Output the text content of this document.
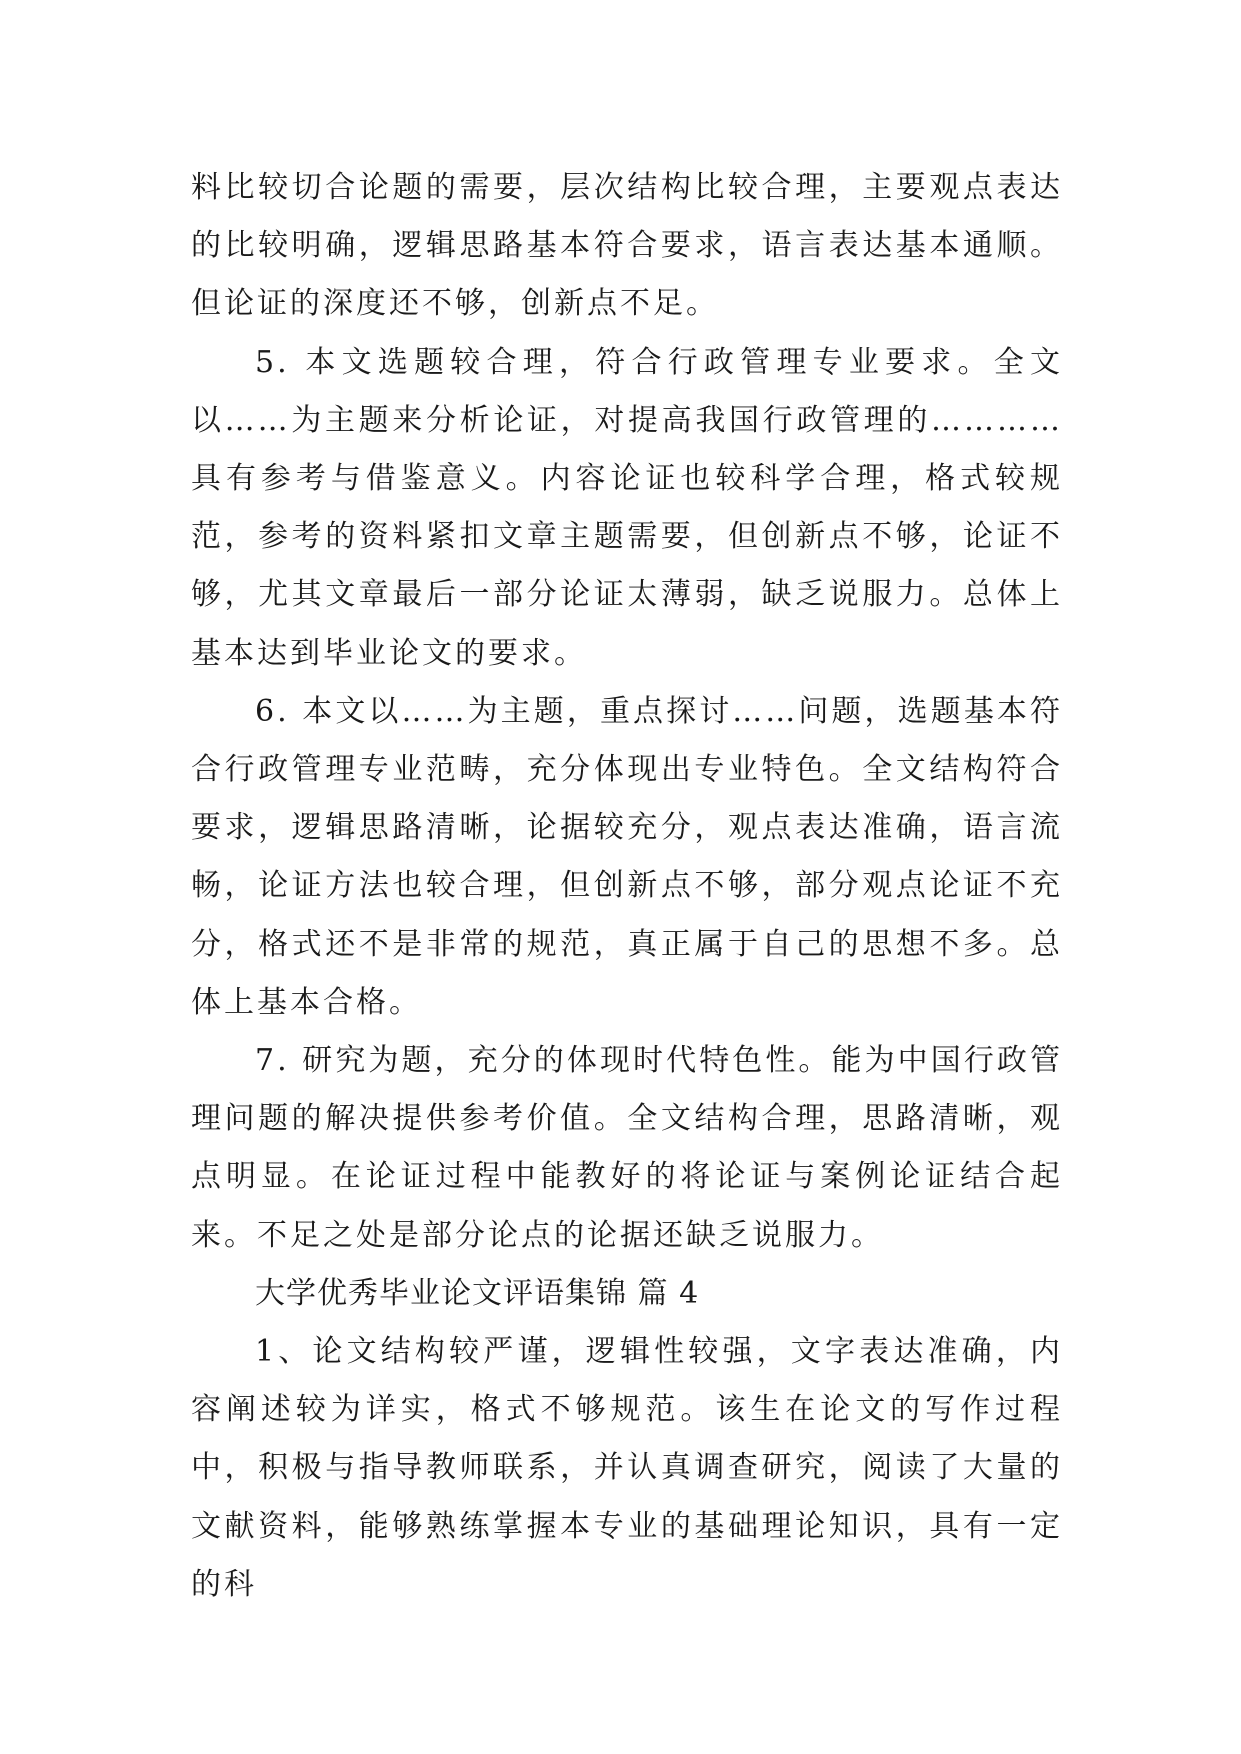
料比较切合论题的需要，层次结构比较合理，主要观点表达的比较明确，逻辑思路基本符合要求，语言表达基本通顺。但论证的深度还不够，创新点不足。

5. 本文选题较合理，符合行政管理专业要求。全文以……为主题来分析论证，对提高我国行政管理的…………具有参考与借鉴意义。内容论证也较科学合理，格式较规范，参考的资料紧扣文章主题需要，但创新点不够，论证不够，尤其文章最后一部分论证太薄弱，缺乏说服力。总体上基本达到毕业论文的要求。

6. 本文以……为主题，重点探讨……问题，选题基本符合行政管理专业范畴，充分体现出专业特色。全文结构符合要求，逻辑思路清晰，论据较充分，观点表达准确，语言流畅，论证方法也较合理，但创新点不够，部分观点论证不充分，格式还不是非常的规范，真正属于自己的思想不多。总体上基本合格。

7. 研究为题，充分的体现时代特色性。能为中国行政管理问题的解决提供参考价值。全文结构合理，思路清晰，观点明显。在论证过程中能教好的将论证与案例论证结合起来。不足之处是部分论点的论据还缺乏说服力。

大学优秀毕业论文评语集锦 篇 4

1、论文结构较严谨，逻辑性较强，文字表达准确，内容阐述较为详实，格式不够规范。该生在论文的写作过程中，积极与指导教师联系，并认真调查研究，阅读了大量的文献资料，能够熟练掌握本专业的基础理论知识，具有一定的科
